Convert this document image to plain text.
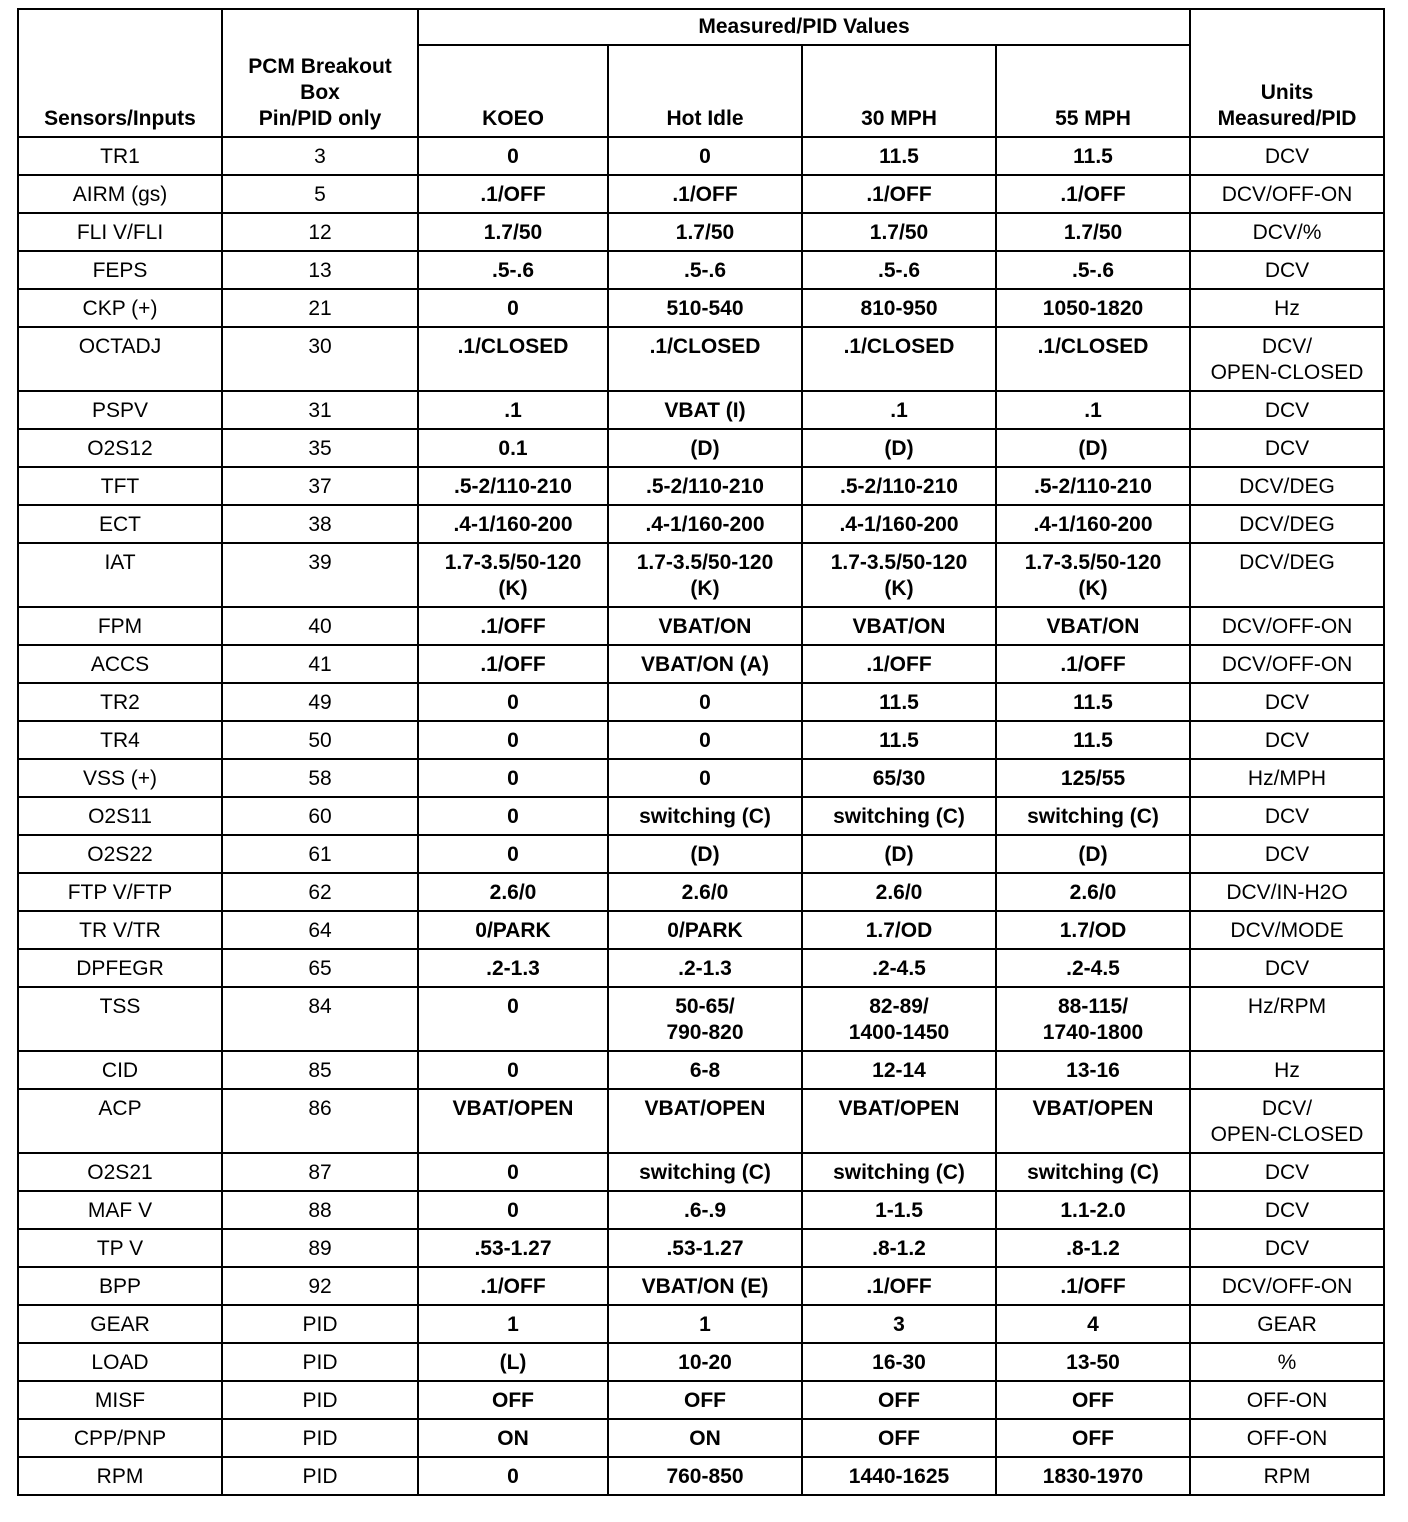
Sensors/Inputs	PCM Breakout
Box
Pin/PID only	Measured/PID Values				Units
Measured/PID

		KOEO	Hot Idle	30 MPH	55 MPH	
TR1	3	0	0	11.5	11.5	DCV

AIRM (gs)	5	.1/OFF	.1/OFF	.1/OFF	.1/OFF	DCV/OFF-ON

FLI V/FLI	12	1.7/50	1.7/50	1.7/50	1.7/50	DCV/%

FEPS	13	.5-.6	.5-.6	.5-.6	.5-.6	DCV

CKP (+)	21	0	510-540	810-950	1050-1820	Hz

OCTADJ	30	.1/CLOSED	.1/CLOSED	.1/CLOSED	.1/CLOSED	DCV/
OPEN-CLOSED

PSPV	31	.1	VBAT (I)	.1	.1	DCV

O2S12	35	0.1	(D)	(D)	(D)	DCV

TFT	37	.5-2/110-210	.5-2/110-210	.5-2/110-210	.5-2/110-210	DCV/DEG

ECT	38	.4-1/160-200	.4-1/160-200	.4-1/160-200	.4-1/160-200	DCV/DEG

IAT	39	1.7-3.5/50-120
(K)	1.7-3.5/50-120
(K)	1.7-3.5/50-120
(K)	1.7-3.5/50-120
(K)	DCV/DEG

FPM	40	.1/OFF	VBAT/ON	VBAT/ON	VBAT/ON	DCV/OFF-ON

ACCS	41	.1/OFF	VBAT/ON (A)	.1/OFF	.1/OFF	DCV/OFF-ON

TR2	49	0	0	11.5	11.5	DCV

TR4	50	0	0	11.5	11.5	DCV

VSS (+)	58	0	0	65/30	125/55	Hz/MPH

O2S11	60	0	switching (C)	switching (C)	switching (C)	DCV

O2S22	61	0	(D)	(D)	(D)	DCV

FTP V/FTP	62	2.6/0	2.6/0	2.6/0	2.6/0	DCV/IN-H2O

TR V/TR	64	0/PARK	0/PARK	1.7/OD	1.7/OD	DCV/MODE

DPFEGR	65	.2-1.3	.2-1.3	.2-4.5	.2-4.5	DCV

TSS	84	0	50-65/
790-820	82-89/
1400-1450	88-115/
1740-1800	Hz/RPM

CID	85	0	6-8	12-14	13-16	Hz

ACP	86	VBAT/OPEN	VBAT/OPEN	VBAT/OPEN	VBAT/OPEN	DCV/
OPEN-CLOSED

O2S21	87	0	switching (C)	switching (C)	switching (C)	DCV

MAF V	88	0	.6-.9	1-1.5	1.1-2.0	DCV

TP V	89	.53-1.27	.53-1.27	.8-1.2	.8-1.2	DCV

BPP	92	.1/OFF	VBAT/ON (E)	.1/OFF	.1/OFF	DCV/OFF-ON

GEAR	PID	1	1	3	4	GEAR

LOAD	PID	(L)	10-20	16-30	13-50	%

MISF	PID	OFF	OFF	OFF	OFF	OFF-ON

CPP/PNP	PID	ON	ON	OFF	OFF	OFF-ON

RPM	PID	0	760-850	1440-1625	1830-1970	RPM
